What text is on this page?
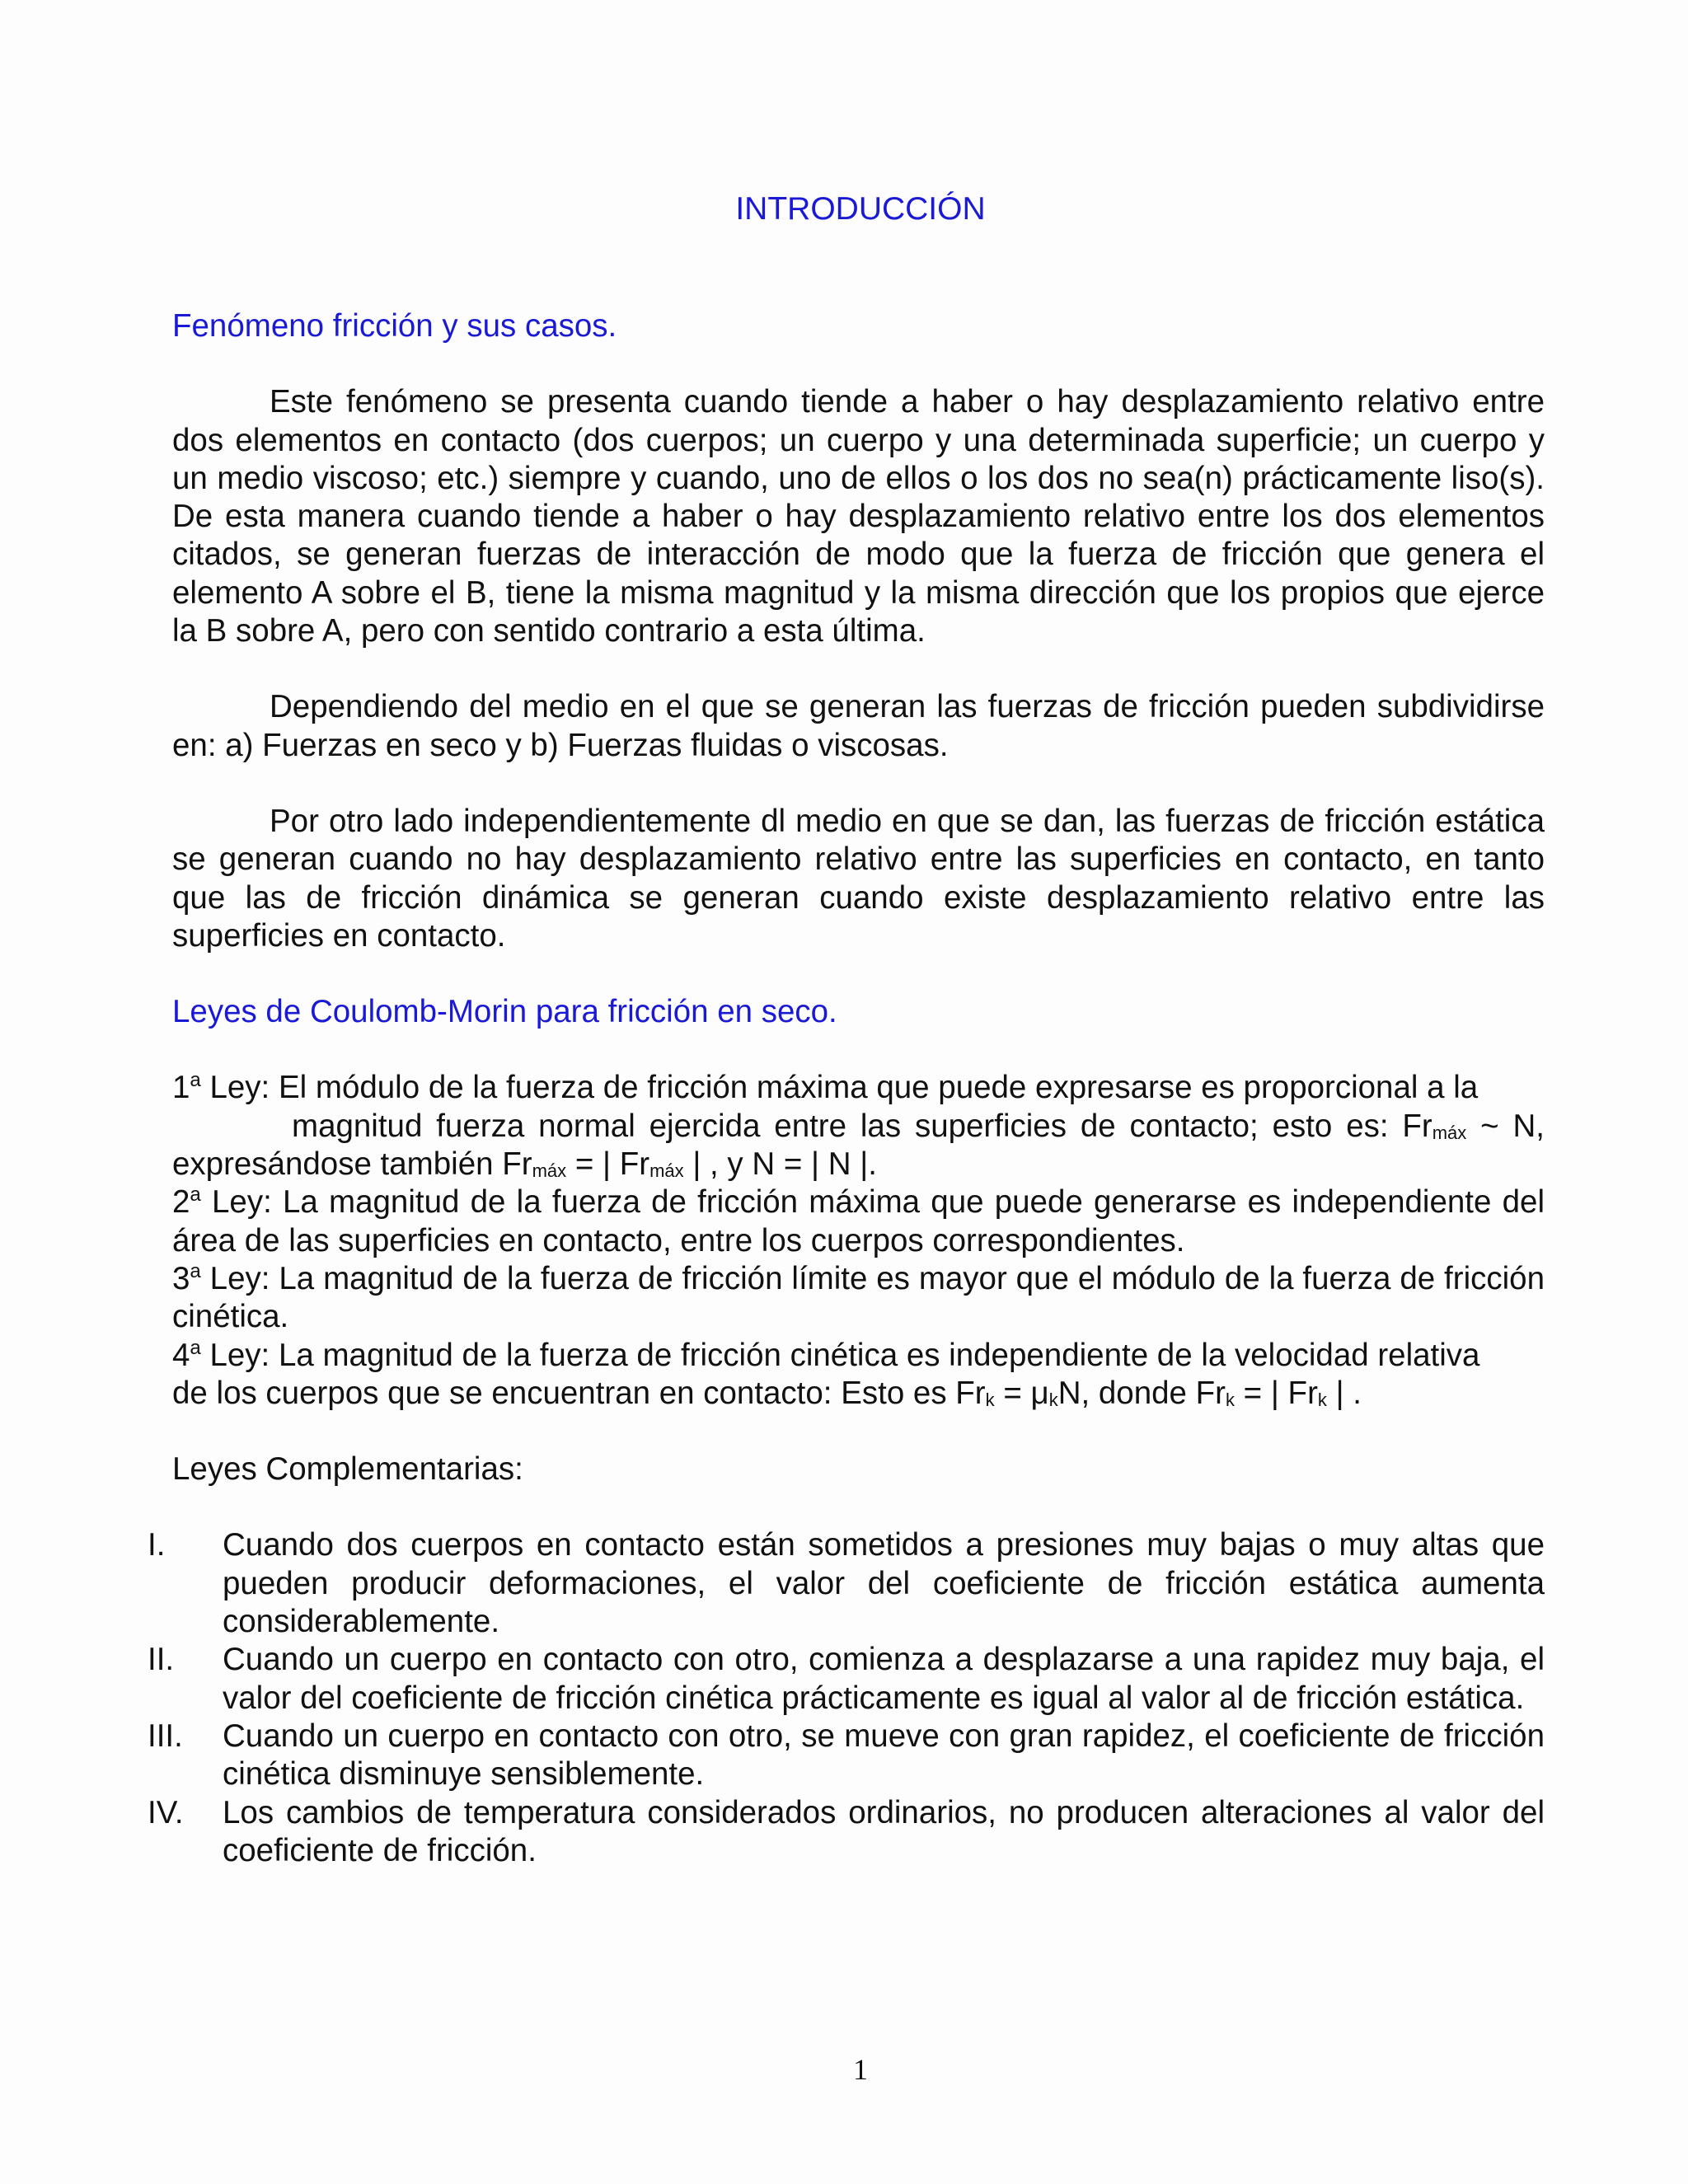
INTRODUCCIÓN

Fenómeno fricción y sus casos.

Este fenómeno se presenta cuando tiende a haber o hay desplazamiento relativo entre dos elementos en contacto (dos cuerpos; un cuerpo y una determinada superficie; un cuerpo y un medio viscoso; etc.) siempre y cuando, uno de ellos o los dos no sea(n) prácticamente liso(s). De esta manera cuando tiende a haber o hay desplazamiento relativo entre los dos elementos citados, se generan fuerzas de interacción de modo que la fuerza de fricción que genera el elemento A sobre el B, tiene la misma magnitud y la misma dirección que los propios que ejerce la B sobre A, pero con sentido contrario a esta última.

Dependiendo del medio en el que se generan las fuerzas de fricción pueden subdividirse en: a) Fuerzas en seco y b) Fuerzas fluidas o viscosas.

Por otro lado independientemente dl medio en que se dan, las fuerzas de fricción estática se generan cuando no hay desplazamiento relativo entre las superficies en contacto, en tanto que las de fricción dinámica se generan cuando existe desplazamiento relativo entre las superficies en contacto.

Leyes de Coulomb-Morin para fricción en seco.

1$^a$ Ley: El módulo de la fuerza de fricción máxima que puede expresarse es proporcional a la
magnitud fuerza normal ejercida entre las superficies de contacto; esto es: $Fr_{máx}$ ~ N,
expresándose también $Fr_{máx}$ = | $Fr_{máx}$ | , y N = | N |.
2$^a$ Ley: La magnitud de la fuerza de fricción máxima que puede generarse es independiente del área de las superficies en contacto, entre los cuerpos correspondientes.
3$^a$ Ley: La magnitud de la fuerza de fricción límite es mayor que el módulo de la fuerza de fricción cinética.
4$^a$ Ley: La magnitud de la fuerza de fricción cinética es independiente de la velocidad relativa
de los cuerpos que se encuentran en contacto: Esto es $Fr_k = \mu_kN$, donde $Fr_k$ = | $Fr_k$ | .

Leyes Complementarias:

I.	Cuando dos cuerpos en contacto están sometidos a presiones muy bajas o muy altas que pueden producir deformaciones, el valor del coeficiente de fricción estática aumenta considerablemente.
II.	Cuando un cuerpo en contacto con otro, comienza a desplazarse a una rapidez muy baja, el valor del coeficiente de fricción cinética prácticamente es igual al valor al de fricción estática.
III.	Cuando un cuerpo en contacto con otro, se mueve con gran rapidez, el coeficiente de fricción cinética disminuye sensiblemente.
IV.	Los cambios de temperatura considerados ordinarios, no producen alteraciones al valor del coeficiente de fricción.
1
